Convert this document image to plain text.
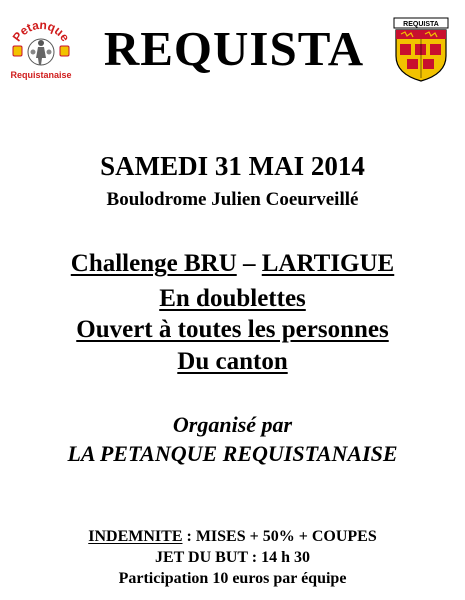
Petanque
Requistanaise REQUISTA	REQUISTA
SAMEDI 31 MAI 2014
Boulodrome Julien Coeurveillé
Challenge BRU – LARTIGUE
En doublettes
Ouvert à toutes les personnes
Du canton
Organisé par
LA PETANQUE REQUISTANAISE
INDEMNITE : MISES + 50% + COUPES
JET DU BUT : 14 h 30
Participation 10 euros par équipe
